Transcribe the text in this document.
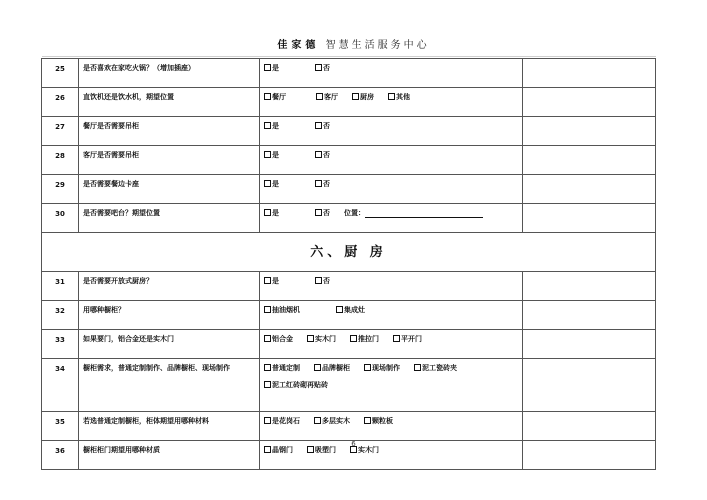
佳家德 智慧生活服务中心
25	是否喜欢在家吃火锅？（增加插座）	是 否	

26	直饮机还是饮水机，期望位置	餐厅 客厅 厨房 其他	

27	餐厅是否需要吊柜	是 否	

28	客厅是否需要吊柜	是 否	

29	是否需要餐边卡座	是 否	

30	是否需要吧台？期望位置	是 否 位置：	

六、厨 房			
31	是否需要开放式厨房？	是 否	

32	用哪种橱柜？	抽油烟机 集成灶	

33	如果要门，铝合金还是实木门	铝合金 实木门 推拉门 平开门	

34	橱柜需求，普通定制制作、品牌橱柜、现场制作	普通定制 品牌橱柜 现场制作 泥工瓷砖夹
泥工红砖砌再贴砖	

35	若选普通定制橱柜，柜体期望用哪种材料	是花岗石 多层实木 颗粒板	

36	橱柜柜门期望用哪种材质	晶钢门 吸塑门 实木门	

6
